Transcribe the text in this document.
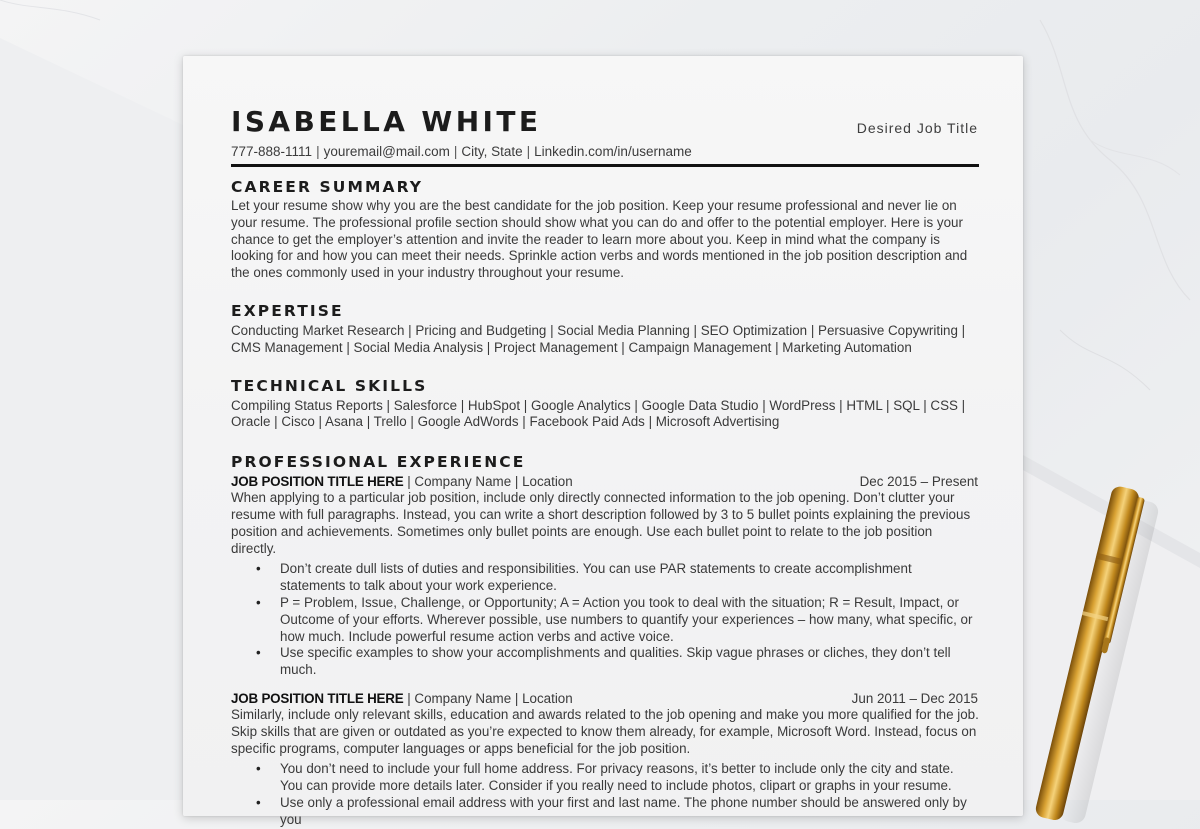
ISABELLA WHITE	Desired Job Title
777-888-1111 | youremail@mail.com | City, State | Linkedin.com/in/username
CAREER SUMMARY

Let your resume show why you are the best candidate for the job position. Keep your resume professional and never lie on your resume. The professional profile section should show what you can do and offer to the potential employer. Here is your chance to get the employer’s attention and invite the reader to learn more about you. Keep in mind what the company is looking for and how you can meet their needs. Sprinkle action verbs and words mentioned in the job position description and the ones commonly used in your industry throughout your resume.

EXPERTISE

Conducting Market Research | Pricing and Budgeting | Social Media Planning | SEO Optimization | Persuasive Copywriting | CMS Management | Social Media Analysis | Project Management | Campaign Management | Marketing Automation

TECHNICAL SKILLS

Compiling Status Reports | Salesforce | HubSpot | Google Analytics | Google Data Studio | WordPress | HTML | SQL | CSS | Oracle | Cisco | Asana | Trello | Google AdWords | Facebook Paid Ads | Microsoft Advertising

PROFESSIONAL EXPERIENCE
JOB POSITION TITLE HERE | Company Name | Location	Dec 2015 – Present

When applying to a particular job position, include only directly connected information to the job opening. Don’t clutter your resume with full paragraphs. Instead, you can write a short description followed by 3 to 5 bullet points explaining the previous position and achievements. Sometimes only bullet points are enough. Use each bullet point to relate to the job position directly.

• Don’t create dull lists of duties and responsibilities. You can use PAR statements to create accomplishment statements to talk about your work experience.
• P = Problem, Issue, Challenge, or Opportunity; A = Action you took to deal with the situation; R = Result, Impact, or Outcome of your efforts. Wherever possible, use numbers to quantify your experiences – how many, what specific, or how much. Include powerful resume action verbs and active voice.
• Use specific examples to show your accomplishments and qualities. Skip vague phrases or cliches, they don’t tell much.
JOB POSITION TITLE HERE | Company Name | Location	Jun 2011 – Dec 2015

Similarly, include only relevant skills, education and awards related to the job opening and make you more qualified for the job. Skip skills that are given or outdated as you’re expected to know them already, for example, Microsoft Word. Instead, focus on specific programs, computer languages or apps beneficial for the job position.

• You don’t need to include your full home address. For privacy reasons, it’s better to include only the city and state. You can provide more details later. Consider if you really need to include photos, clipart or graphs in your resume.
• Use only a professional email address with your first and last name. The phone number should be answered only by you
